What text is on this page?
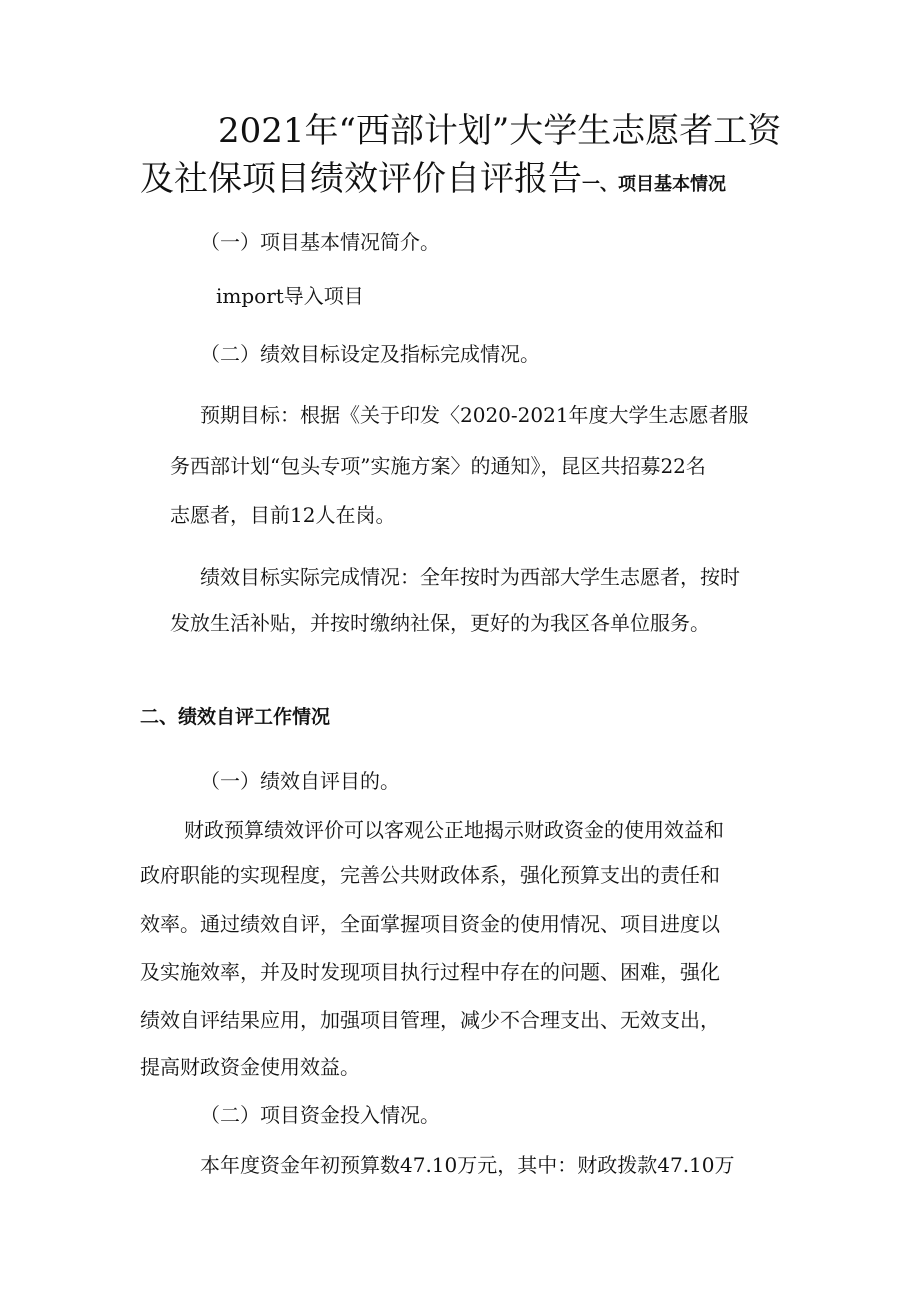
2021年“西部计划”大学生志愿者工资
及社保项目绩效评价自评报告一、项目基本情况
（一）项目基本情况简介。
import导入项目
（二）绩效目标设定及指标完成情况。
预期目标：根据《关于印发〈2020-2021年度大学生志愿者服
务西部计划“包头专项”实施方案〉的通知》，昆区共招募22名
志愿者，目前12人在岗。
绩效目标实际完成情况：全年按时为西部大学生志愿者，按时
发放生活补贴，并按时缴纳社保，更好的为我区各单位服务。
二、绩效自评工作情况
（一）绩效自评目的。
财政预算绩效评价可以客观公正地揭示财政资金的使用效益和
政府职能的实现程度，完善公共财政体系，强化预算支出的责任和
效率。通过绩效自评，全面掌握项目资金的使用情况、项目进度以
及实施效率，并及时发现项目执行过程中存在的问题、困难，强化
绩效自评结果应用，加强项目管理，减少不合理支出、无效支出，
提高财政资金使用效益。
（二）项目资金投入情况。
本年度资金年初预算数47.10万元，其中：财政拨款47.10万
